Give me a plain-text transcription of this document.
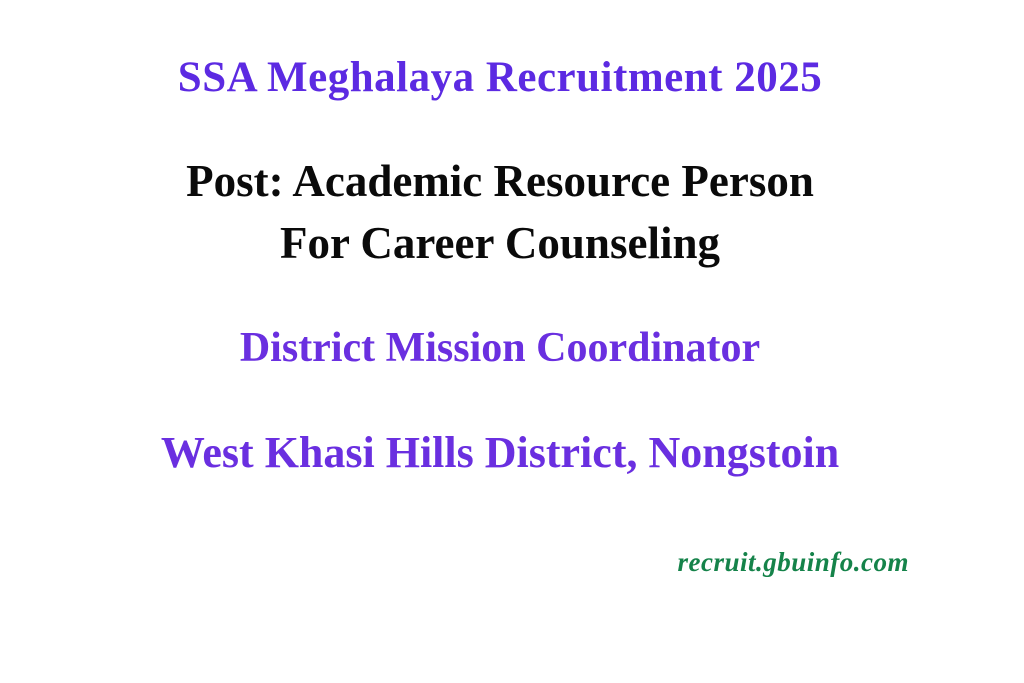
SSA Meghalaya Recruitment 2025
Post: Academic Resource Person
For Career Counseling
District Mission Coordinator
West Khasi Hills District, Nongstoin
recruit.gbuinfo.com
